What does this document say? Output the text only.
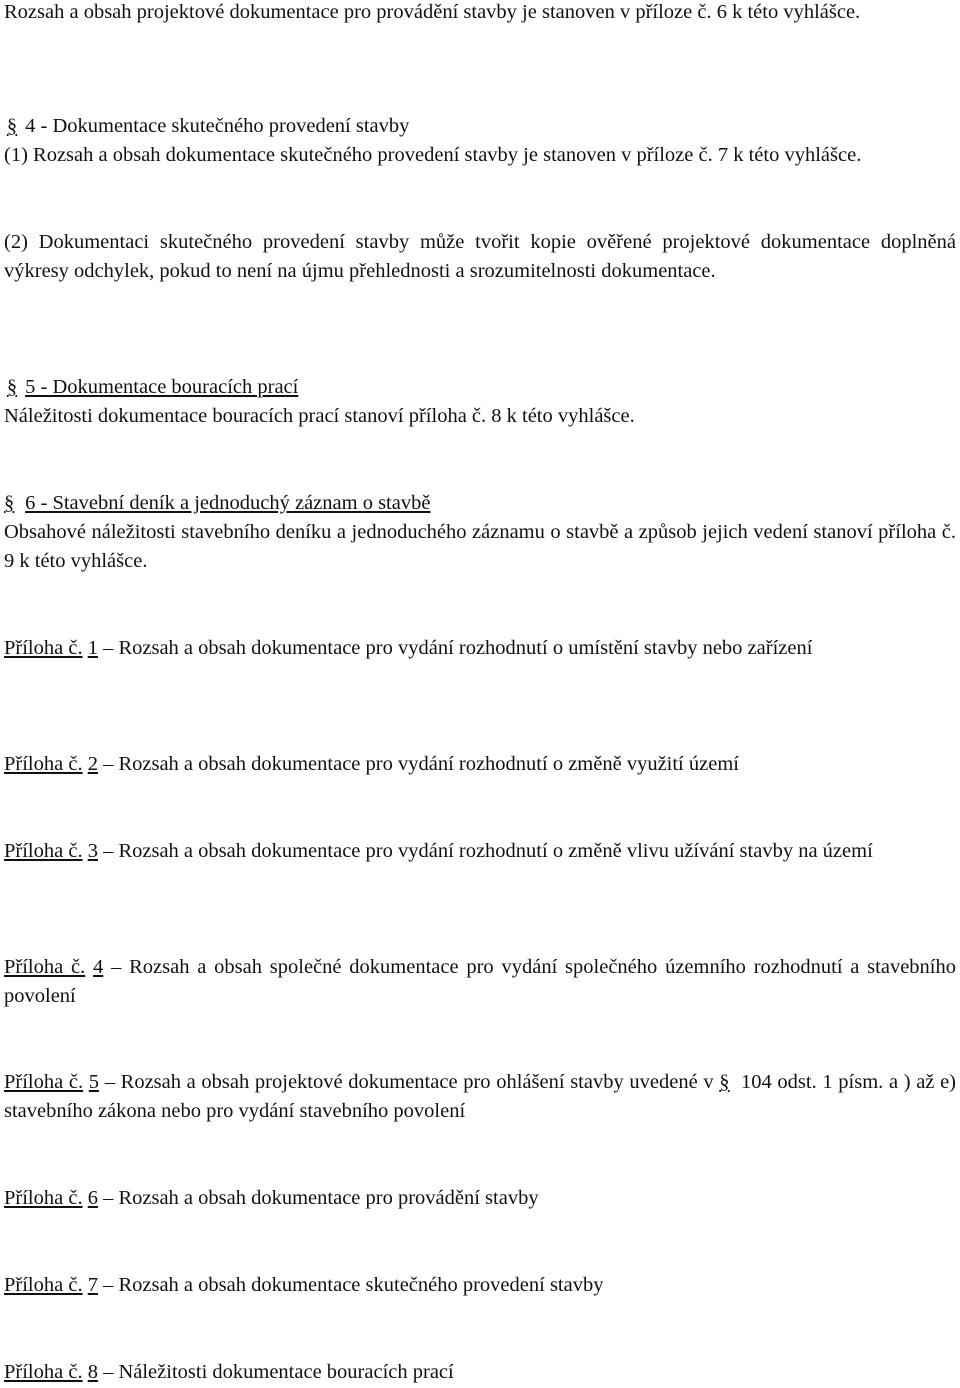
Rozsah a obsah projektové dokumentace pro provádění stavby je stanoven v příloze č. 6 k této vyhlášce.

§ 4 - Dokumentace skutečného provedení stavby
(1) Rozsah a obsah dokumentace skutečného provedení stavby je stanoven v příloze č. 7 k této vyhlášce.

(2) Dokumentaci skutečného provedení stavby může tvořit kopie ověřené projektové dokumentace doplněná výkresy odchylek, pokud to není na újmu přehlednosti a srozumitelnosti dokumentace.

§ 5 - Dokumentace bouracích prací
Náležitosti dokumentace bouracích prací stanoví příloha č. 8 k této vyhlášce.

§ 6 - Stavební deník a jednoduchý záznam o stavbě
Obsahové náležitosti stavebního deníku a jednoduchého záznamu o stavbě a způsob jejich vedení stanoví příloha č. 9 k této vyhlášce.

Příloha č. 1 – Rozsah a obsah dokumentace pro vydání rozhodnutí o umístění stavby nebo zařízení

Příloha č. 2 – Rozsah a obsah dokumentace pro vydání rozhodnutí o změně využití území

Příloha č. 3 – Rozsah a obsah dokumentace pro vydání rozhodnutí o změně vlivu užívání stavby na území

Příloha č. 4 – Rozsah a obsah společné dokumentace pro vydání společného územního rozhodnutí a stavebního povolení

Příloha č. 5 – Rozsah a obsah projektové dokumentace pro ohlášení stavby uvedené v § 104 odst. 1 písm. a ) až e) stavebního zákona nebo pro vydání stavebního povolení

Příloha č. 6 – Rozsah a obsah dokumentace pro provádění stavby

Příloha č. 7 – Rozsah a obsah dokumentace skutečného provedení stavby

Příloha č. 8 – Náležitosti dokumentace bouracích prací
